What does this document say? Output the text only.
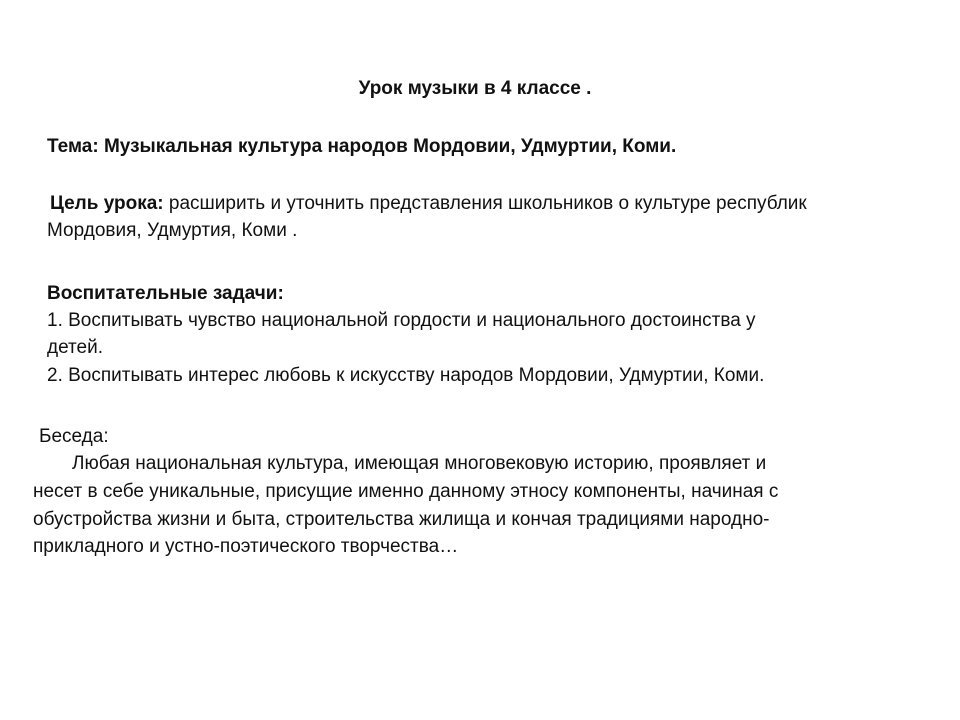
Урок музыки в 4 классе .
Тема: Музыкальная культура народов Мордовии, Удмуртии, Коми.
Цель урока: расширить и уточнить представления школьников о культуре республик
Мордовия, Удмуртия, Коми .
Воспитательные задачи:
1. Воспитывать чувство национальной гордости и национального достоинства у
детей.
2. Воспитывать интерес любовь к искусству народов Мордовии, Удмуртии, Коми.
Беседа:
Любая национальная культура, имеющая многовековую историю, проявляет и
несет в себе уникальные, присущие именно данному этносу компоненты, начиная с
обустройства жизни и быта, строительства жилища и кончая традициями народно-
прикладного и устно-поэтического творчества…
